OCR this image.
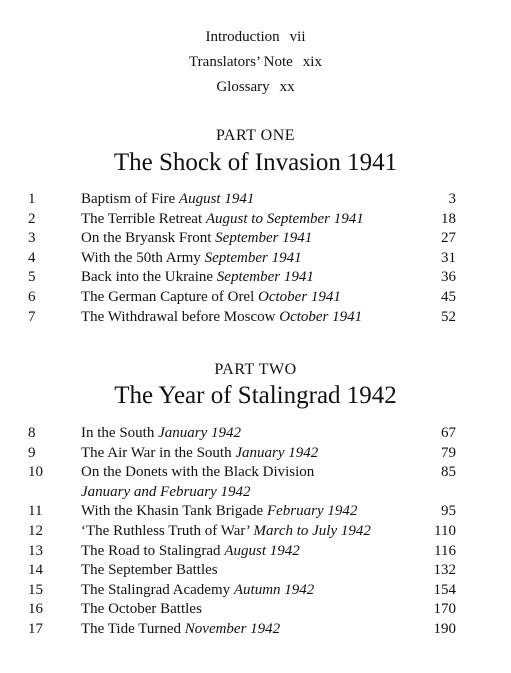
Introduction vii
Translators’ Note xix
Glossary xx
PART ONE
The Shock of Invasion 1941
1	Baptism of Fire August 1941	3
2	The Terrible Retreat August to September 1941	18
3	On the Bryansk Front September 1941	27
4	With the 50th Army September 1941	31
5	Back into the Ukraine September 1941	36
6	The German Capture of Orel October 1941	45
7	The Withdrawal before Moscow October 1941	52
PART TWO
The Year of Stalingrad 1942
8	In the South January 1942	67
9	The Air War in the South January 1942	79
10	On the Donets with the Black Division	85
January and February 1942
11	With the Khasin Tank Brigade February 1942	95
12	‘The Ruthless Truth of War’ March to July 1942	110
13	The Road to Stalingrad August 1942	116
14	The September Battles	132
15	The Stalingrad Academy Autumn 1942	154
16	The October Battles	170
17	The Tide Turned November 1942	190
